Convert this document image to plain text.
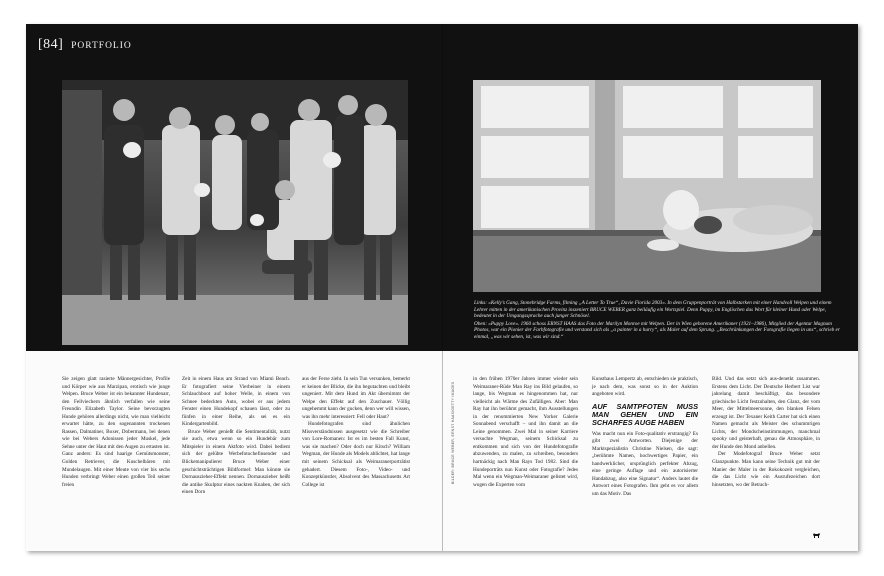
[84] PORTFOLIO

Links: »Kelly’s Gang, Stonebridge Farms, filming „A Letter To True“, Davie Florida 2003«. In dem Gruppenporträt von Halbstarken mit einer Handvoll Welpen und einem Lehrer mitten in der amerikanischen Provinz inszeniert BRUCE WEBER ganz beiläufig ein Wortspiel. Denn Puppy, im Englischen das Wort für kleiner Hund oder Welpe, bedeutet in der Umgangssprache auch junger Schnösel.

Oben: »Puppy Love«. 1960 schoss ERNST HAAS das Foto der Marilyn Monroe mit Welpen. Der in Wien geborene Amerikaner (1921–1986), Mitglied der Agentur Magnum Photos, war ein Pionier der Farbfotografie und verstand sich als „a painter in a hurry“, als Maler auf dem Sprung. „Beschränkungen der Fotografie liegen in uns“, schrieb er einmal, „was wir sehen, ist, was wir sind.“

Sie zeigen glatt rasierte Männergesichter, Profile und Körper wie aus Marzipan, erotisch wie junge Welpen. Bruce Weber ist ein bekannter Hundenarr, den Fellviechern ähnlich verfallen wie seine Freundin Elizabeth Taylor. Seine bevorzugten Hunde gehören allerdings nicht, wie man vielleicht erwartet hätte, zu den sogenannten trockenen Rassen, Dalmatiner, Boxer, Dobermann, bei denen wie bei Webers Adonissen jeder Muskel, jede Sehne unter der Haut mit den Augen zu ertasten ist. Ganz anders: Es sind haarige Gemütsmonster, Golden Retriever, die Kuschelbären mit Mundelaugen. Mit einer Meute von vier bis sechs Hunden verbringt Weber einen großen Teil seiner freien

Zeit in einem Haus am Strand von Miami Beach. Er fotografiert seine Vierbeiner in einem Schlauchboot auf hoher Welle, in einem von Schnee bedeckten Auto, wobei er aus jedem Fenster einen Hundekopf schauen lässt, oder zu fünfen in einer Reihe, als sei es ein Kindergartenbild.

Bruce Weber genießt die Sentimentalität, nutzt sie auch, etwa wenn so ein Hundebär zum Mitspieler in einem Aktfoto wird. Dabei bedient sich der gelübte Werbefotochefinsender und Blickemanipulierer Bruce Weber einer geschichtsträchtigen Bildformel: Man könnte sie Dornauszieher-Effekt nennen. Dornauszieher heißt die antike Skulptur eines nackten Knaben, der sich einen Dorn

aus der Ferse zieht. In sein Tun versunken, bemerkt er keinen der Blicke, die ihn begutachten und bleibt ungeniert. Mit dem Hund im Akt übernimmt der Welpe den Effekt auf den Zuschauer. Völlig ungehemmt kann der gucken, denn wer will wissen, was ihn mehr interessiert: Fell oder Haut?

Hundefotografen sind ähnlichen Missverständnissen ausgesetzt wie die Schreiber von Lore-Romanen: Ist es im besten Fall Kunst, was sie machen? Oder doch nur Kitsch? William Wegman, der Hunde als Models ablichtet, hat lange mit seinem Schicksal als Weimaranerporträtist gehadert. Diesem Foto-, Video- und Konzeptkünstler, Absolvent des Massachusetts Art College ist

BILDER: BRUCE WEBER, ERNST HAAS/GETTY IMAGES

in den frühen 1970er Jahren immer wieder sein Weimaraner-Rüde Man Ray ins Bild gelaufen, so lange, bis Wegman es hingenommen hat, nur vielleicht als Wärme des Zufälligen. Aber: Man Ray hat ihn berühmt gemacht, ihm Ausstellungen in der renommierten New Yorker Galerie Sonnabend verschafft – und ihn damit an die Leine genommen. Zwei Mal in seiner Karriere versuchte Wegman, seinem Schicksal zu entkommen und sich von der Hundefotografie abzuwenden, zu malen, zu schreiben, besonders hartnäckig nach Man Rays Tod 1982. Sind die Hundeporträts nun Kunst oder Fotografie? Jedes Mal wenn ein Wegman-Weimaraner gelistet wird, wogen die Experten vom

Kunsthaus Lempertz ab, entschieden sie praktisch, je nach dem, was sonst so in der Auktion angeboten wird.

AUF SAMTPFOTEN MUSS MAN GEHEN UND EIN SCHARFES AUGE HABEN

Was macht nun ein Foto-qualitativ erstrangig? Es gibt zwei Antworten. Diejenige der Marktspezialistin Christine Nielsen, die sagt: „berühmte Namen, hochwertiges Papier, ein handwerklicher, ursprünglich perfekter Abzug, eine geringe Auflage und ein autorisierter Handabzug, also eine Signatur“. Anders lautet die Antwort eines Fotografen. Ihm geht es vor allem um das Motiv. Das

Bild. Und das setzt sich aus-denetkt zusammen. Erstens dem Licht. Der Deutsche Herbert List war jahrelang damit beschäftigt, das besondere griechische Licht festzuhalten, den Glanz, der vom Meer, der Mittelmeersonne, den blanken Felsen erzeugt ist. Der Texaner Keith Carter hat sich einen Namen gemacht als Meister des schummrigen Lichts, der Mondscheinstimmungen, manchmal spooky und geisterhaft, genau die Atmosphäre, in der Hunde den Mond anbellen.

Der Modefotograf Bruce Weber setzt Glanzpunkte. Man kann seine Technik gut mit der Manier der Maler in der Rokokozeit vergleichen, die das Licht wie ein Ausrufezeichen dort hinsetzten, wo der Betrach-
